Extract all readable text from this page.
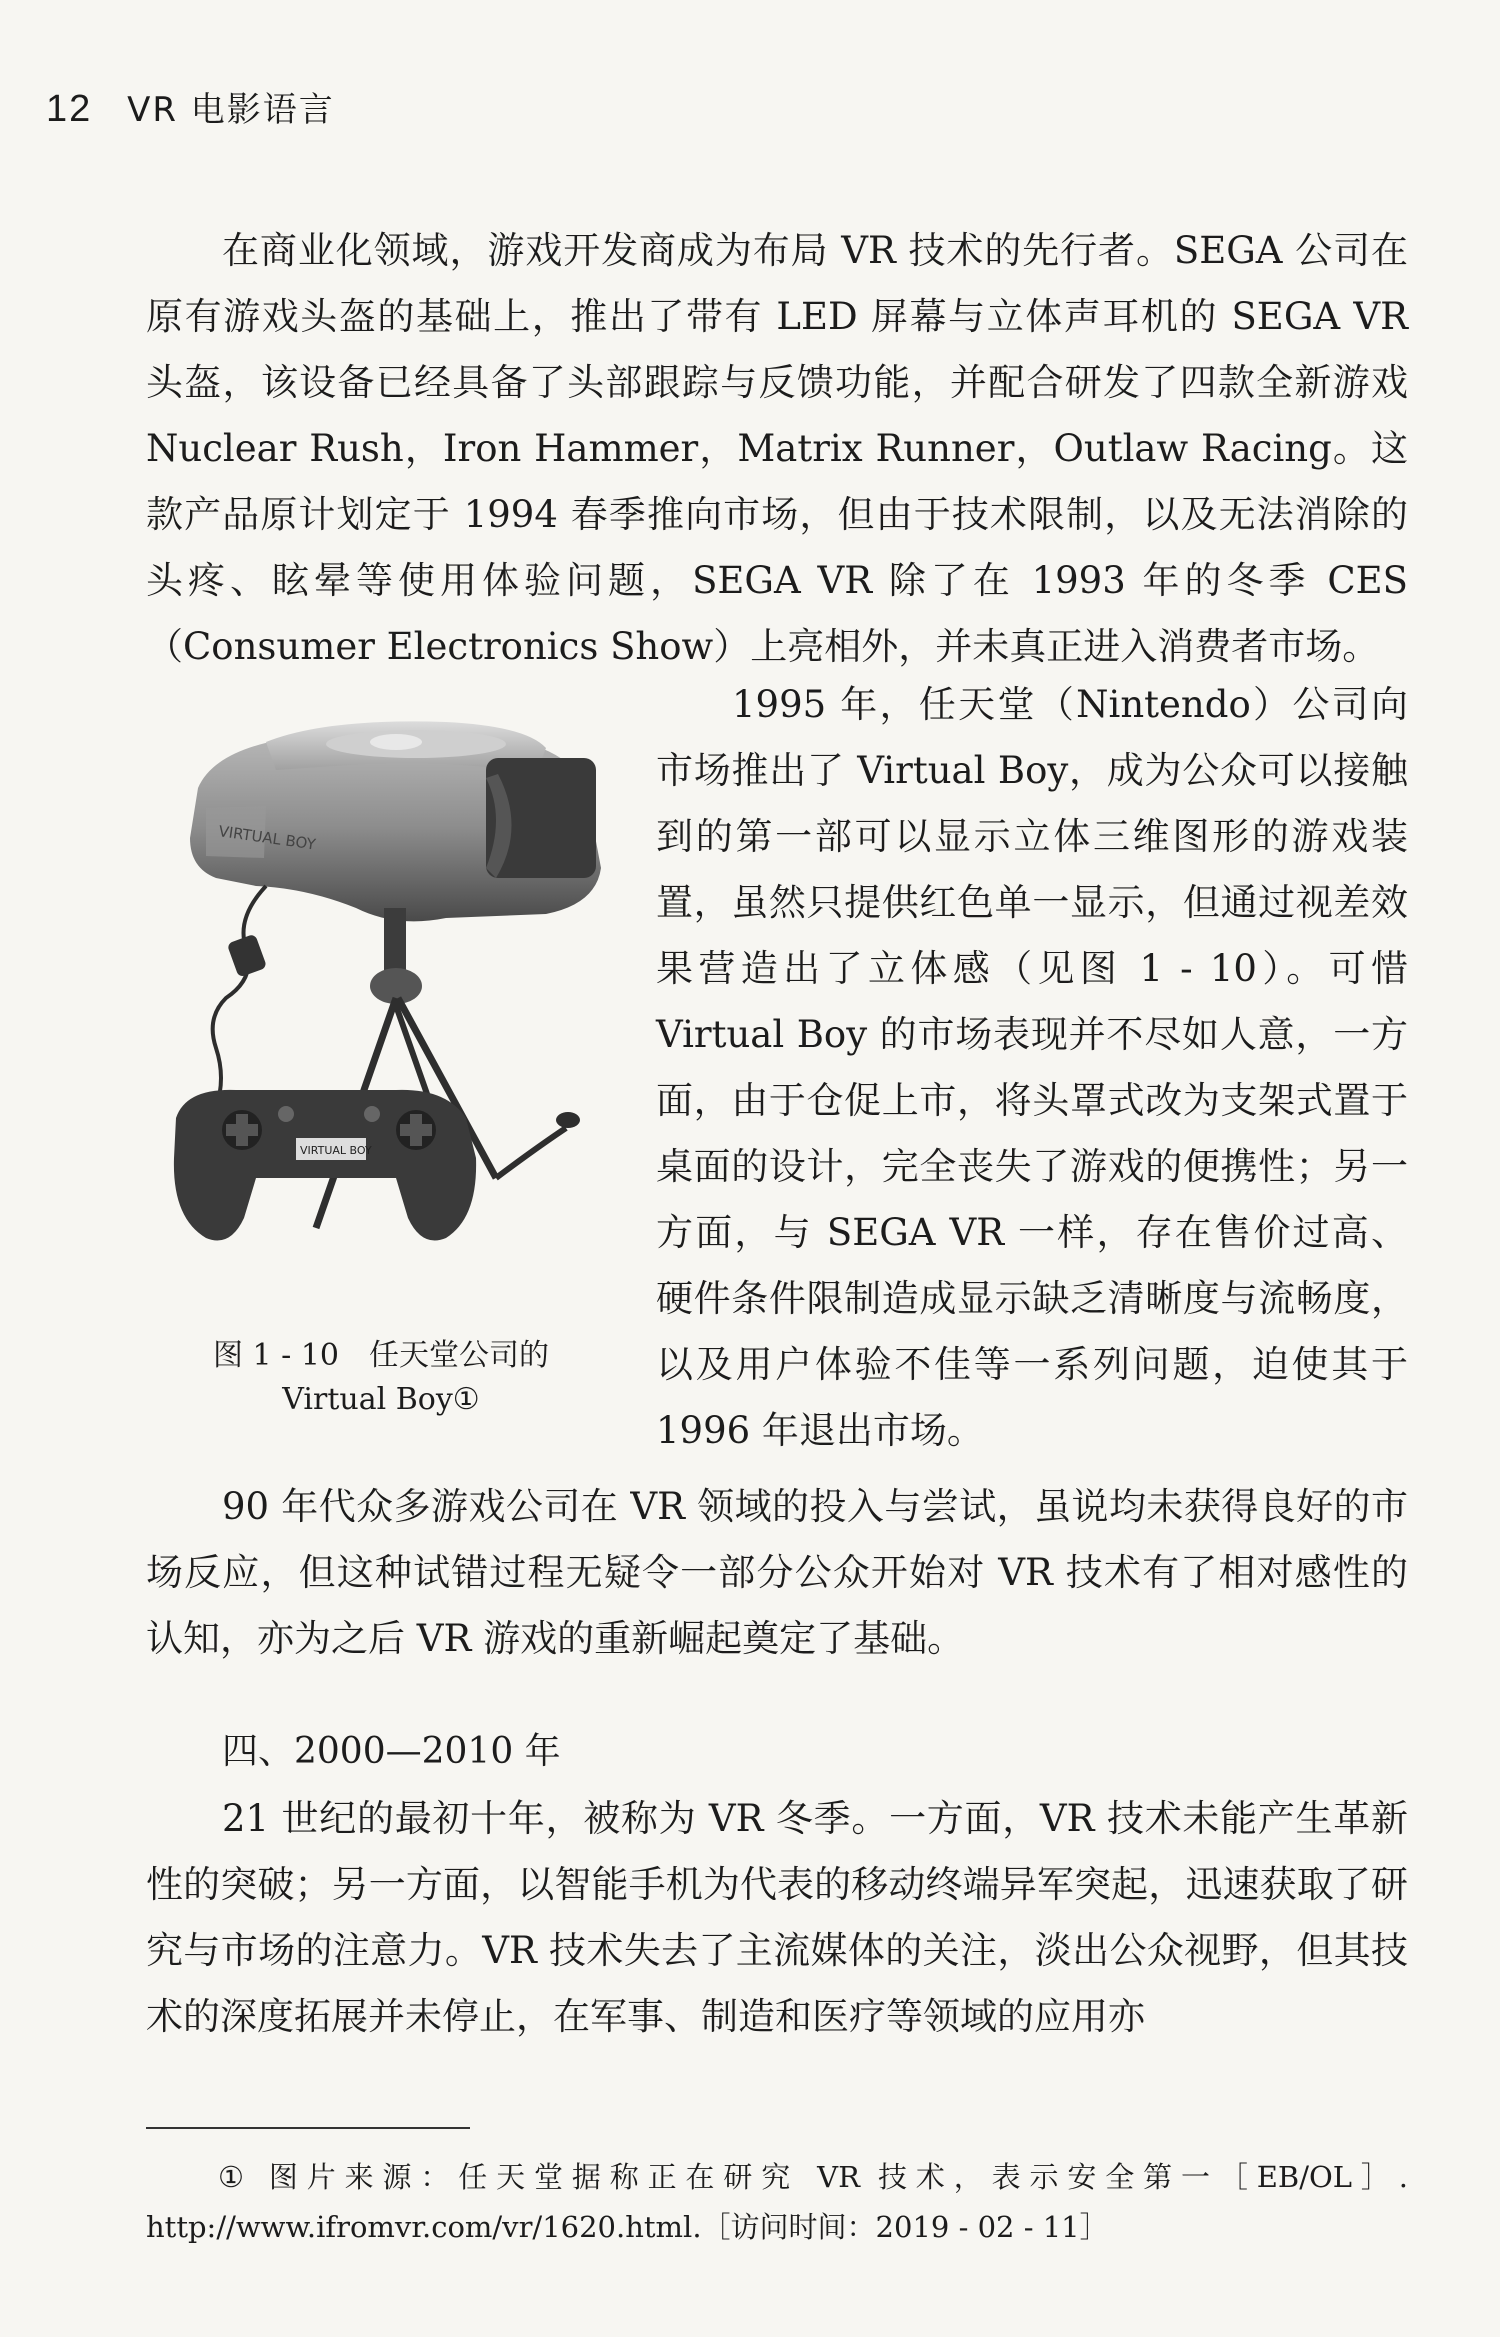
12 VR 电影语言

在商业化领域，游戏开发商成为布局 VR 技术的先行者。SEGA 公司在原有游戏头盔的基础上，推出了带有 LED 屏幕与立体声耳机的 SEGA VR 头盔，该设备已经具备了头部跟踪与反馈功能，并配合研发了四款全新游戏 Nuclear Rush，Iron Hammer，Matrix Runner，Outlaw Racing。这款产品原计划定于 1994 春季推向市场，但由于技术限制，以及无法消除的头疼、眩晕等使用体验问题，SEGA VR 除了在 1993 年的冬季 CES（Consumer Electronics Show）上亮相外，并未真正进入消费者市场。

VIRTUAL BOY
VIRTUAL BOY
图 1 - 10 任天堂公司的
Virtual Boy①

1995 年，任天堂（Nintendo）公司向市场推出了 Virtual Boy，成为公众可以接触到的第一部可以显示立体三维图形的游戏装置，虽然只提供红色单一显示，但通过视差效果营造出了立体感（见图 1 - 10）。可惜 Virtual Boy 的市场表现并不尽如人意，一方面，由于仓促上市，将头罩式改为支架式置于桌面的设计，完全丧失了游戏的便携性；另一方面，与 SEGA VR 一样，存在售价过高、硬件条件限制造成显示缺乏清晰度与流畅度，以及用户体验不佳等一系列问题，迫使其于 1996 年退出市场。

90 年代众多游戏公司在 VR 领域的投入与尝试，虽说均未获得良好的市场反应，但这种试错过程无疑令一部分公众开始对 VR 技术有了相对感性的认知，亦为之后 VR 游戏的重新崛起奠定了基础。

四、2000—2010 年

21 世纪的最初十年，被称为 VR 冬季。一方面，VR 技术未能产生革新性的突破；另一方面，以智能手机为代表的移动终端异军突起，迅速获取了研究与市场的注意力。VR 技术失去了主流媒体的关注，淡出公众视野，但其技术的深度拓展并未停止，在军事、制造和医疗等领域的应用亦

① 图片来源：任天堂据称正在研究 VR 技术，表示安全第一［EB/OL］. http://www.ifromvr.com/vr/1620.html.［访问时间：2019 - 02 - 11］
